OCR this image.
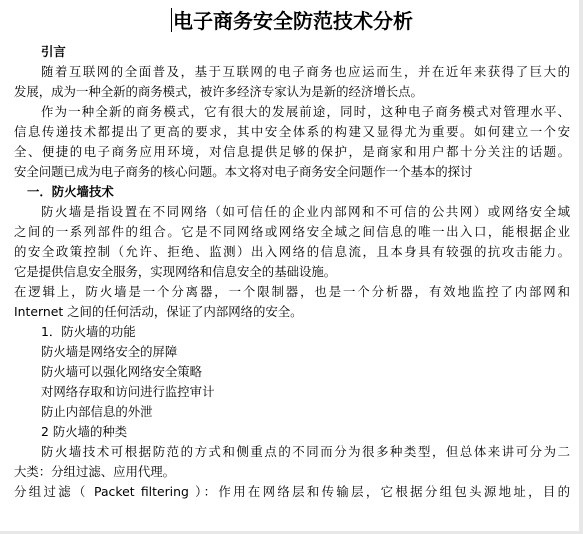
电子商务安全防范技术分析
引言
随着互联网的全面普及，基于互联网的电子商务也应运而生，并在近年来获得了巨大的
发展，成为一种全新的商务模式，被许多经济专家认为是新的经济增长点。
作为一种全新的商务模式，它有很大的发展前途，同时，这种电子商务模式对管理水平、
信息传递技术都提出了更高的要求，其中安全体系的构建又显得尤为重要。如何建立一个安
全、便捷的电子商务应用环境，对信息提供足够的保护，是商家和用户都十分关注的话题。
安全问题已成为电子商务的核心问题。本文将对电子商务安全问题作一个基本的探讨
一．防火墙技术
防火墙是指设置在不同网络（如可信任的企业内部网和不可信的公共网）或网络安全域
之间的一系列部件的组合。它是不同网络或网络安全域之间信息的唯一出入口，能根据企业
的安全政策控制（允许、拒绝、监测）出入网络的信息流，且本身具有较强的抗攻击能力。
它是提供信息安全服务，实现网络和信息安全的基础设施。
在逻辑上，防火墙是一个分离器，一个限制器，也是一个分析器，有效地监控了内部网和
Internet 之间的任何活动，保证了内部网络的安全。
1．防火墙的功能
防火墙是网络安全的屏障
防火墙可以强化网络安全策略
对网络存取和访问进行监控审计
防止内部信息的外泄
2 防火墙的种类
防火墙技术可根据防范的方式和侧重点的不同而分为很多种类型，但总体来讲可分为二
大类：分组过滤、应用代理。
分组过滤（ Packet filtering ）：作用在网络层和传输层，它根据分组包头源地址，目的
